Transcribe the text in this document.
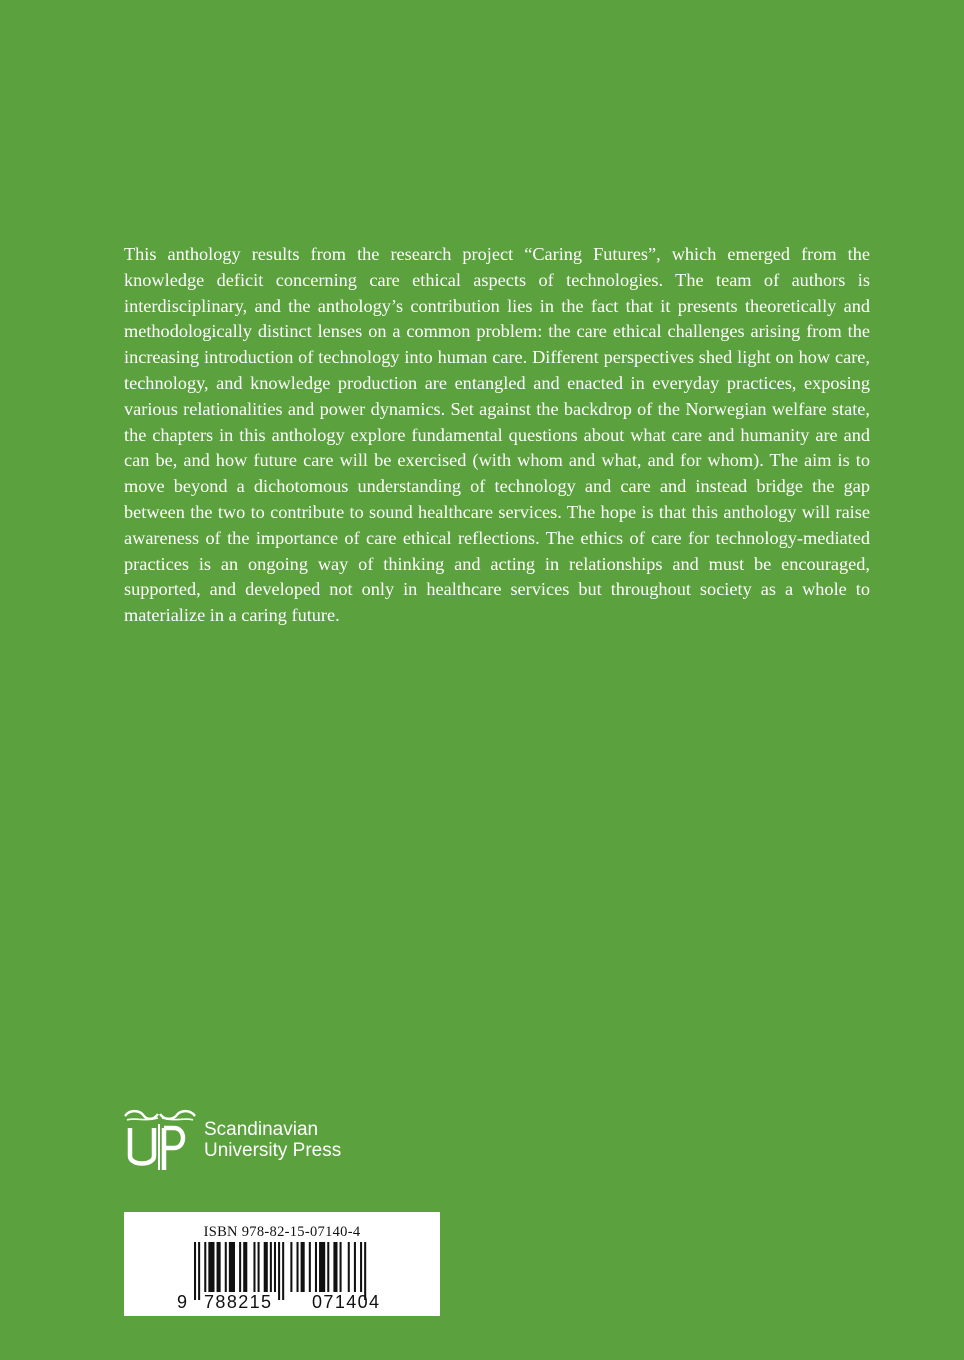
This anthology results from the research project “Caring Futures”, which emerged from the knowledge deficit concerning care ethical aspects of technologies. The team of authors is interdisciplinary, and the anthology’s contribution lies in the fact that it presents theoretically and methodologically distinct lenses on a common problem: the care ethical challenges arising from the increasing introduction of technology into human care. Different perspectives shed light on how care, technology, and knowledge production are entangled and enacted in everyday practices, exposing various relationalities and power dynamics. Set against the backdrop of the Norwegian welfare state, the chapters in this anthology explore fundamental questions about what care and humanity are and can be, and how future care will be exercised (with whom and what, and for whom). The aim is to move beyond a dichotomous understanding of technology and care and instead bridge the gap between the two to contribute to sound healthcare services. The hope is that this anthology will raise awareness of the importance of care ethical reflections. The ethics of care for technology-mediated practices is an ongoing way of thinking and acting in relationships and must be encouraged, supported, and developed not only in healthcare services but throughout society as a whole to materialize in a caring future.

Scandinavian
University Press
ISBN 978-82-15-07140-4
9 788215 071404
